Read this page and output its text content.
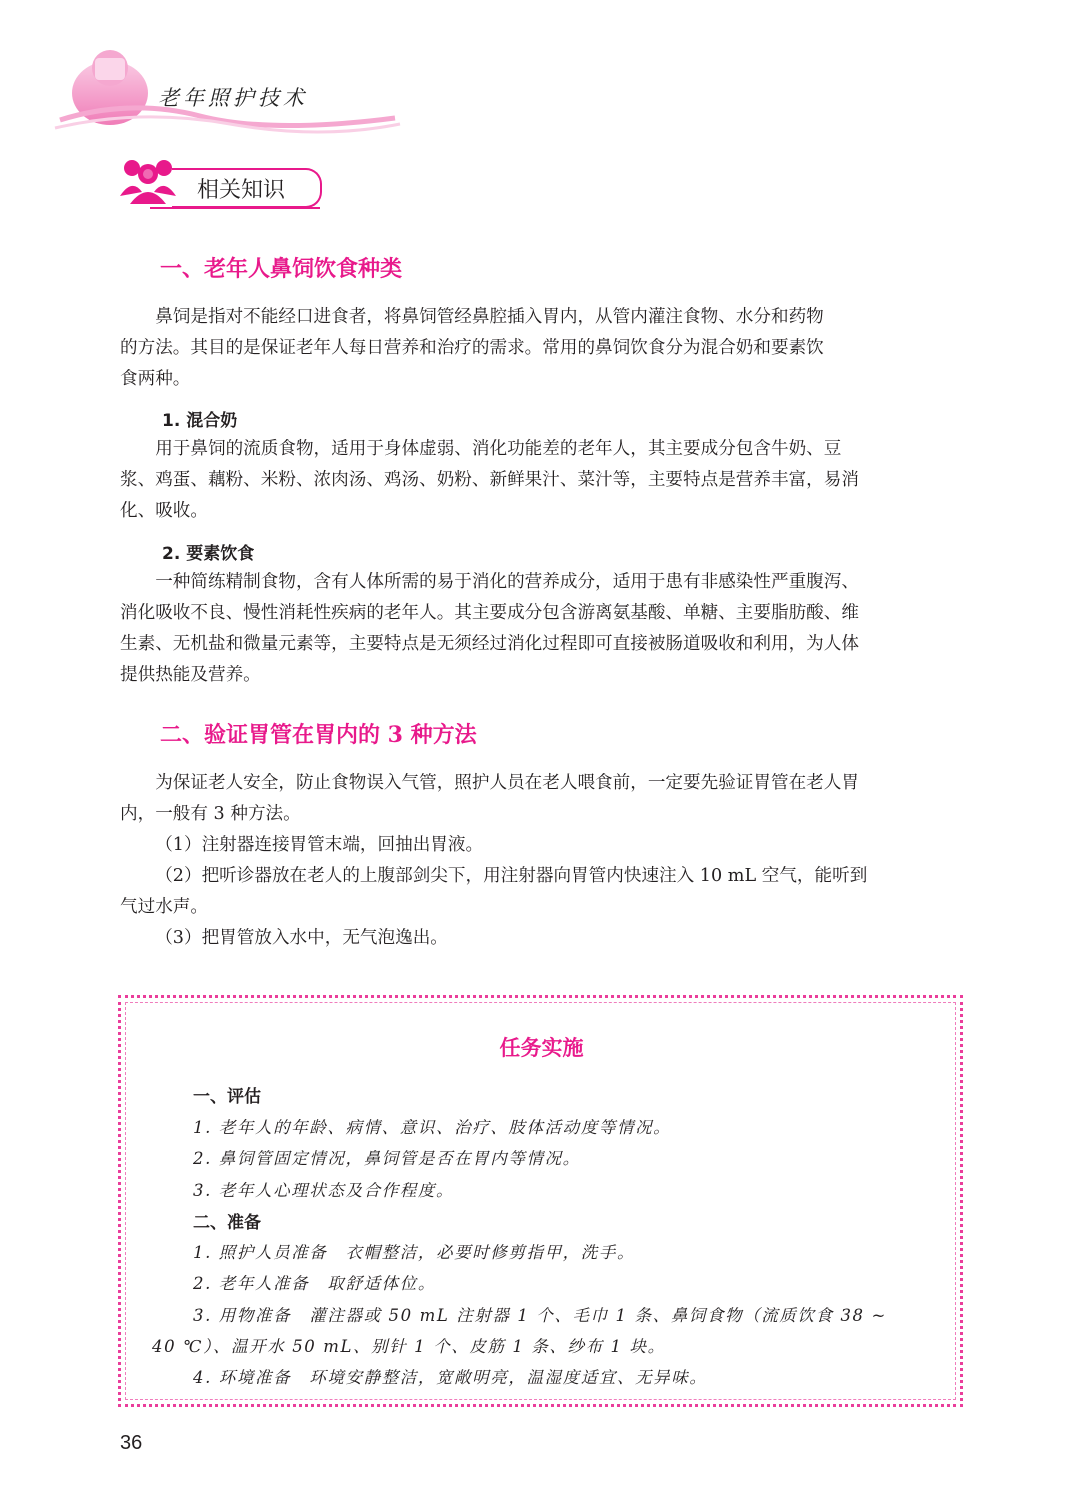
老年照护技术
相关知识
一、老年人鼻饲饮食种类
鼻饲是指对不能经口进食者，将鼻饲管经鼻腔插入胃内，从管内灌注食物、水分和药物
的方法。其目的是保证老年人每日营养和治疗的需求。常用的鼻饲饮食分为混合奶和要素饮
食两种。
1. 混合奶
用于鼻饲的流质食物，适用于身体虚弱、消化功能差的老年人，其主要成分包含牛奶、豆
浆、鸡蛋、藕粉、米粉、浓肉汤、鸡汤、奶粉、新鲜果汁、菜汁等，主要特点是营养丰富，易消
化、吸收。
2. 要素饮食
一种简练精制食物，含有人体所需的易于消化的营养成分，适用于患有非感染性严重腹泻、
消化吸收不良、慢性消耗性疾病的老年人。其主要成分包含游离氨基酸、单糖、主要脂肪酸、维
生素、无机盐和微量元素等，主要特点是无须经过消化过程即可直接被肠道吸收和利用，为人体
提供热能及营养。
二、验证胃管在胃内的 3 种方法
为保证老人安全，防止食物误入气管，照护人员在老人喂食前，一定要先验证胃管在老人胃
内，一般有 3 种方法。
（1）注射器连接胃管末端，回抽出胃液。
（2）把听诊器放在老人的上腹部剑尖下，用注射器向胃管内快速注入 10 mL 空气，能听到
气过水声。
（3）把胃管放入水中，无气泡逸出。
任务实施
一、评估
1. 老年人的年龄、病情、意识、治疗、肢体活动度等情况。
2. 鼻饲管固定情况，鼻饲管是否在胃内等情况。
3. 老年人心理状态及合作程度。
二、准备
1. 照护人员准备　衣帽整洁，必要时修剪指甲，洗手。
2. 老年人准备　取舒适体位。
3. 用物准备　灌注器或 50 mL 注射器 1 个、毛巾 1 条、鼻饲食物（流质饮食 38 ~
40 ℃）、温开水 50 mL、别针 1 个、皮筋 1 条、纱布 1 块。
4. 环境准备　环境安静整洁，宽敞明亮，温湿度适宜、无异味。
36
